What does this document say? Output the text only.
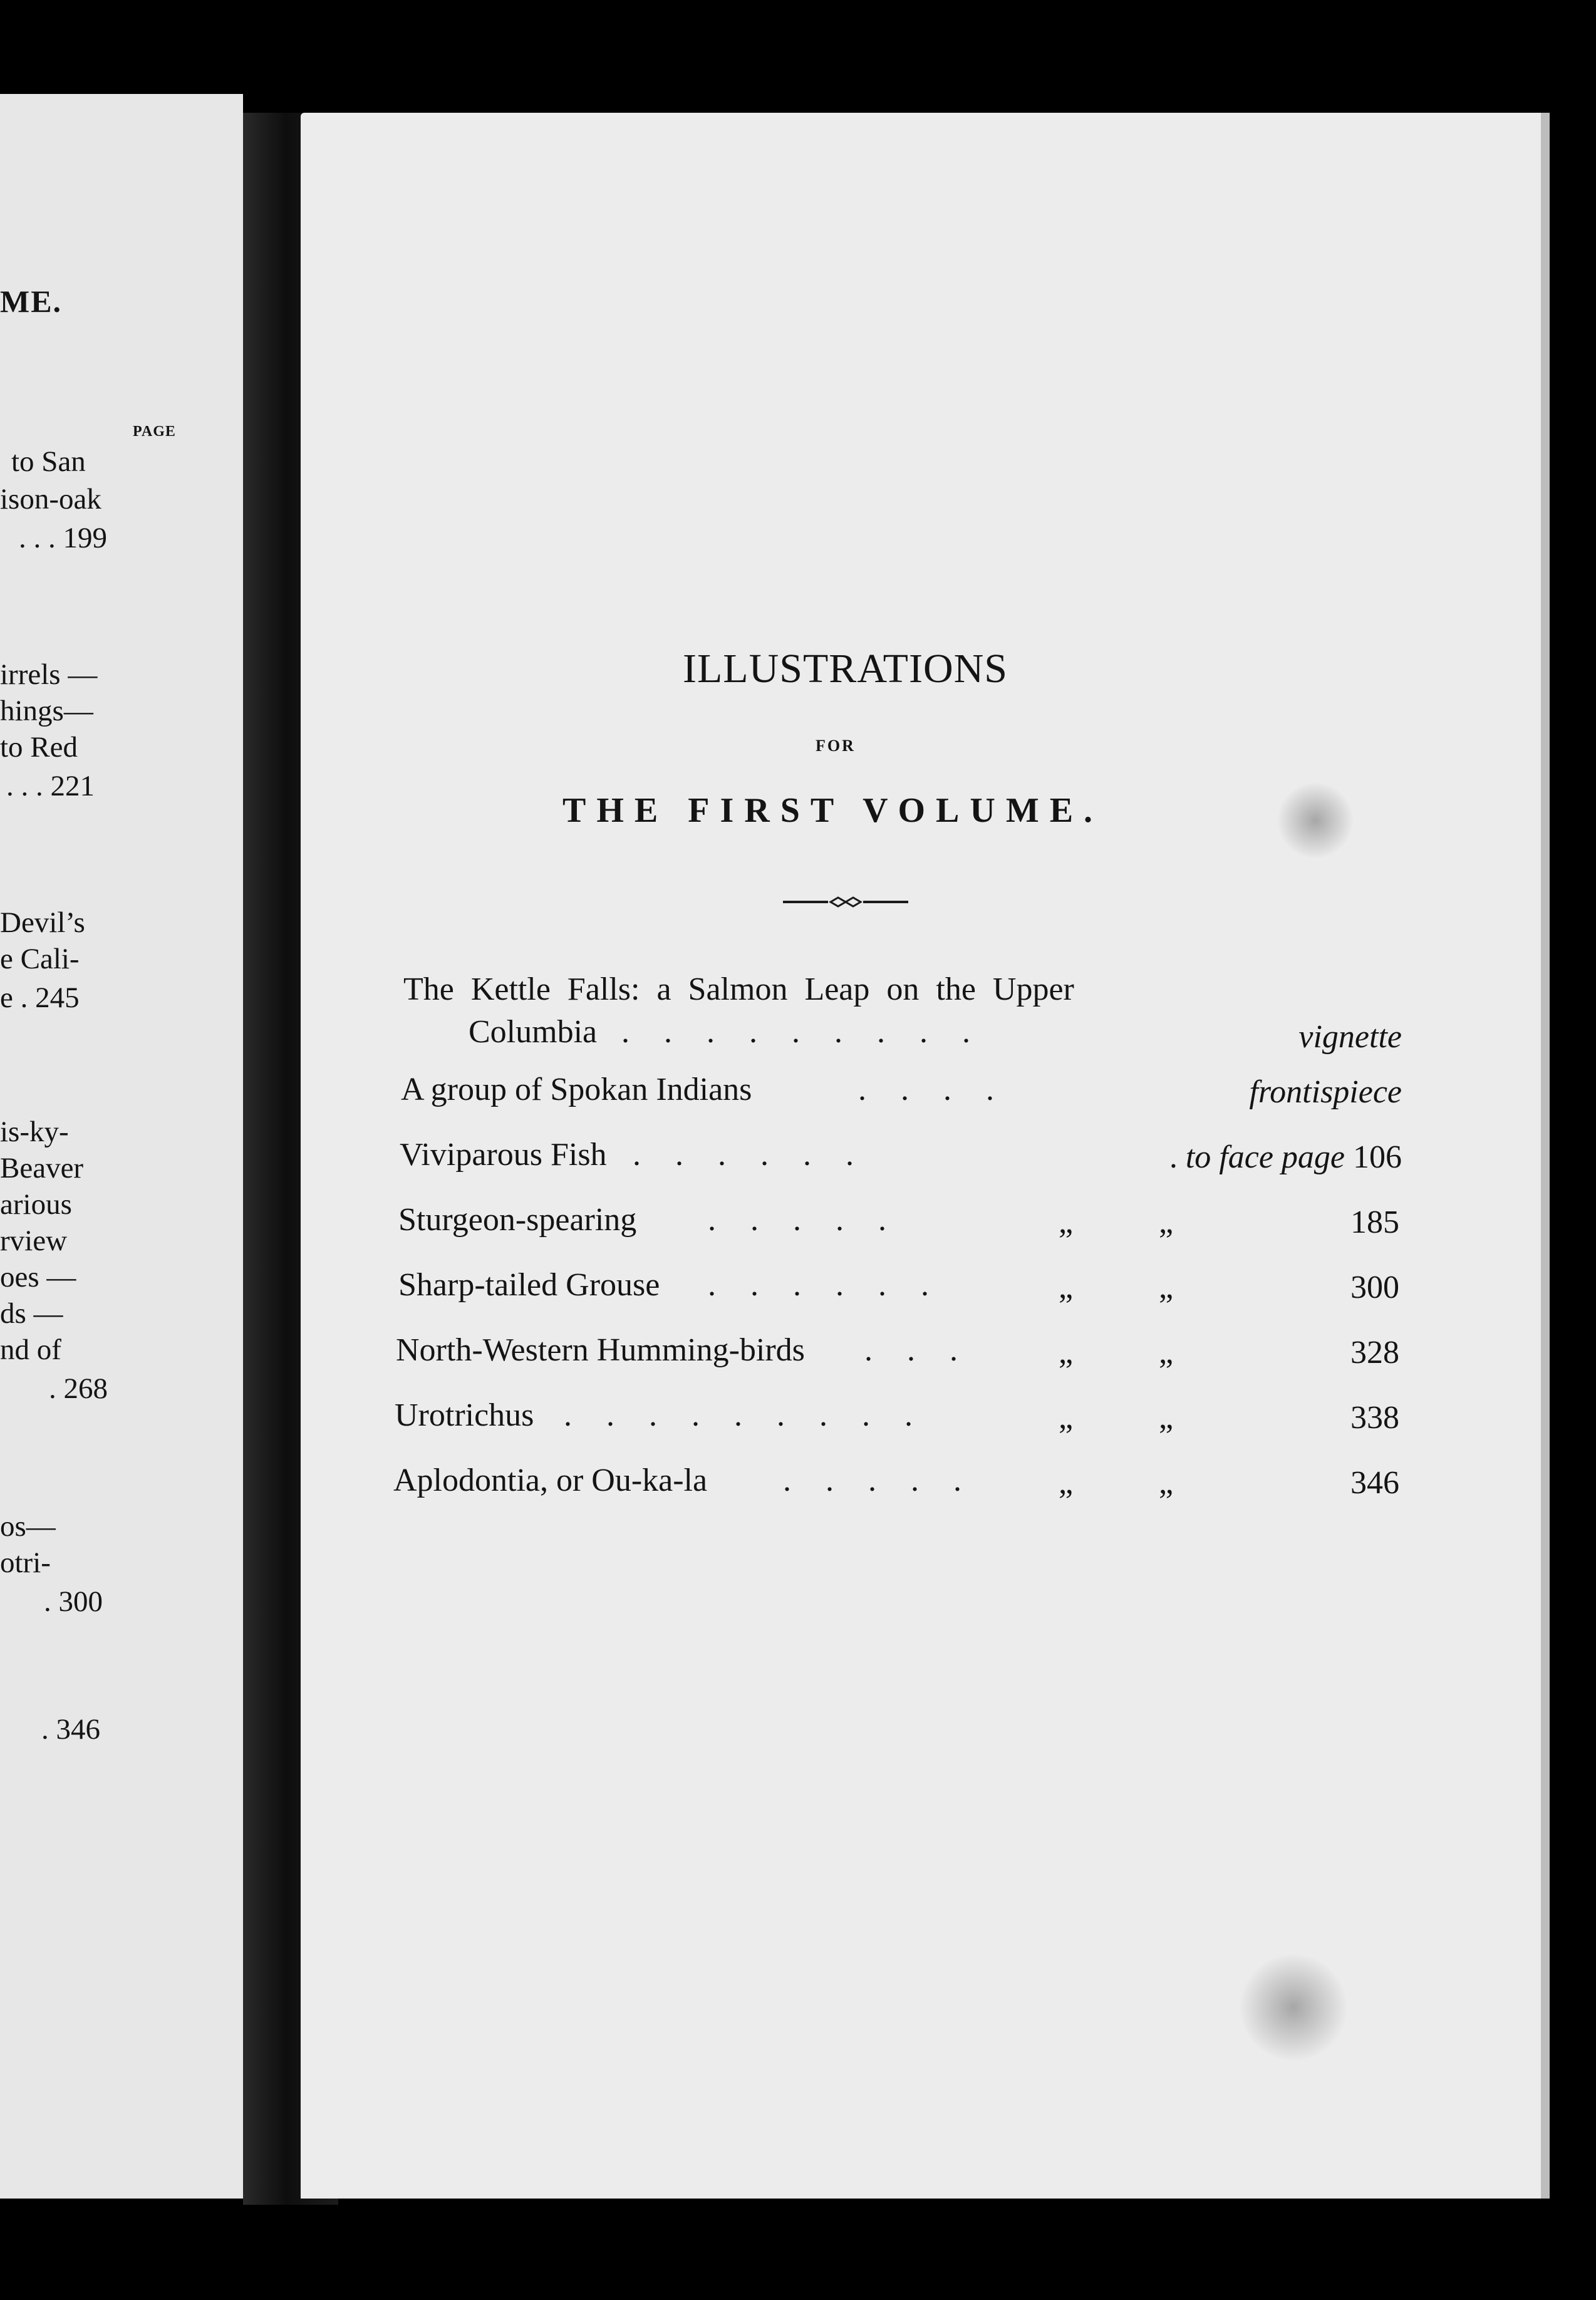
ME.
PAGE
to San
ison-oak
. . . 199
irrels —
hings—
to Red
. . . 221
Devil’s
e Cali-
e . 245
is-ky-
Beaver
arious
rview
oes —
ds —
nd of
. 268
os—
otri-
. 300
. 346
ILLUSTRATIONS
FOR
THE FIRST VOLUME.
The Kettle Falls: a Salmon Leap on the Upper
Columbia . . . . . . . . .	vignette
A group of Spokan Indians	. . . .	frontispiece
Viviparous Fish . . . . . .	. to face page 106
Sturgeon-spearing . . . . .	„	„	185
Sharp-tailed Grouse . . . . . .	„	„	300
North-Western Humming-birds . . .	„	„	328
Urotrichus . . . . . . . . .	„	„	338
Aplodontia, or Ou-ka-la . . . . .	„	„	346
